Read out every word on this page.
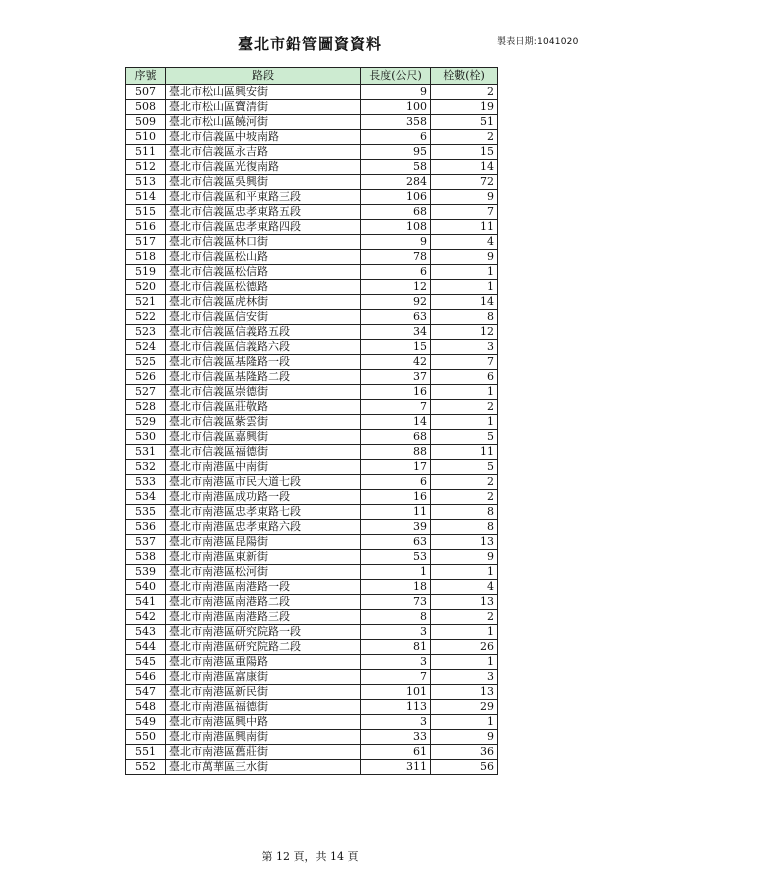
臺北市鉛管圖資資料	製表日期:1041020
序號	路段	長度(公尺)	栓數(栓)
507	臺北市松山區興安街	9	2
508	臺北市松山區寶清街	100	19
509	臺北市松山區饒河街	358	51
510	臺北市信義區中坡南路	6	2
511	臺北市信義區永吉路	95	15
512	臺北市信義區光復南路	58	14
513	臺北市信義區吳興街	284	72
514	臺北市信義區和平東路三段	106	9
515	臺北市信義區忠孝東路五段	68	7
516	臺北市信義區忠孝東路四段	108	11
517	臺北市信義區林口街	9	4
518	臺北市信義區松山路	78	9
519	臺北市信義區松信路	6	1
520	臺北市信義區松德路	12	1
521	臺北市信義區虎林街	92	14
522	臺北市信義區信安街	63	8
523	臺北市信義區信義路五段	34	12
524	臺北市信義區信義路六段	15	3
525	臺北市信義區基隆路一段	42	7
526	臺北市信義區基隆路二段	37	6
527	臺北市信義區崇德街	16	1
528	臺北市信義區莊敬路	7	2
529	臺北市信義區紫雲街	14	1
530	臺北市信義區嘉興街	68	5
531	臺北市信義區福德街	88	11
532	臺北市南港區中南街	17	5
533	臺北市南港區市民大道七段	6	2
534	臺北市南港區成功路一段	16	2
535	臺北市南港區忠孝東路七段	11	8
536	臺北市南港區忠孝東路六段	39	8
537	臺北市南港區昆陽街	63	13
538	臺北市南港區東新街	53	9
539	臺北市南港區松河街	1	1
540	臺北市南港區南港路一段	18	4
541	臺北市南港區南港路二段	73	13
542	臺北市南港區南港路三段	8	2
543	臺北市南港區研究院路一段	3	1
544	臺北市南港區研究院路二段	81	26
545	臺北市南港區重陽路	3	1
546	臺北市南港區富康街	7	3
547	臺北市南港區新民街	101	13
548	臺北市南港區福德街	113	29
549	臺北市南港區興中路	3	1
550	臺北市南港區興南街	33	9
551	臺北市南港區舊莊街	61	36
552	臺北市萬華區三水街	311	56
第 12 頁，共 14 頁
